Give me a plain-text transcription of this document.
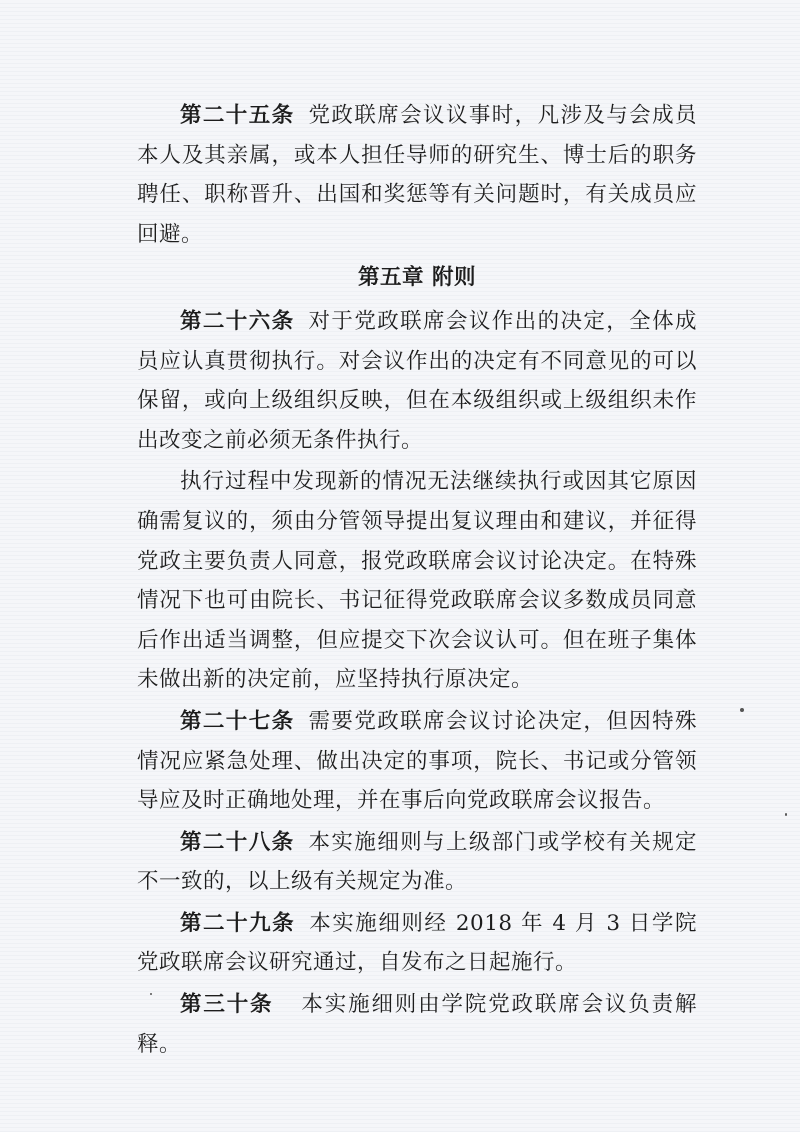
第二十五条 党政联席会议议事时，凡涉及与会成员本人及其亲属，或本人担任导师的研究生、博士后的职务聘任、职称晋升、出国和奖惩等有关问题时，有关成员应回避。

第五章 附则

第二十六条 对于党政联席会议作出的决定，全体成员应认真贯彻执行。对会议作出的决定有不同意见的可以保留，或向上级组织反映，但在本级组织或上级组织未作出改变之前必须无条件执行。

执行过程中发现新的情况无法继续执行或因其它原因确需复议的，须由分管领导提出复议理由和建议，并征得党政主要负责人同意，报党政联席会议讨论决定。在特殊情况下也可由院长、书记征得党政联席会议多数成员同意后作出适当调整，但应提交下次会议认可。但在班子集体未做出新的决定前，应坚持执行原决定。

第二十七条 需要党政联席会议讨论决定，但因特殊情况应紧急处理、做出决定的事项，院长、书记或分管领导应及时正确地处理，并在事后向党政联席会议报告。

第二十八条 本实施细则与上级部门或学校有关规定不一致的，以上级有关规定为准。

第二十九条 本实施细则经 2018 年 4 月 3 日学院党政联席会议研究通过，自发布之日起施行。

第三十条 本实施细则由学院党政联席会议负责解释。
